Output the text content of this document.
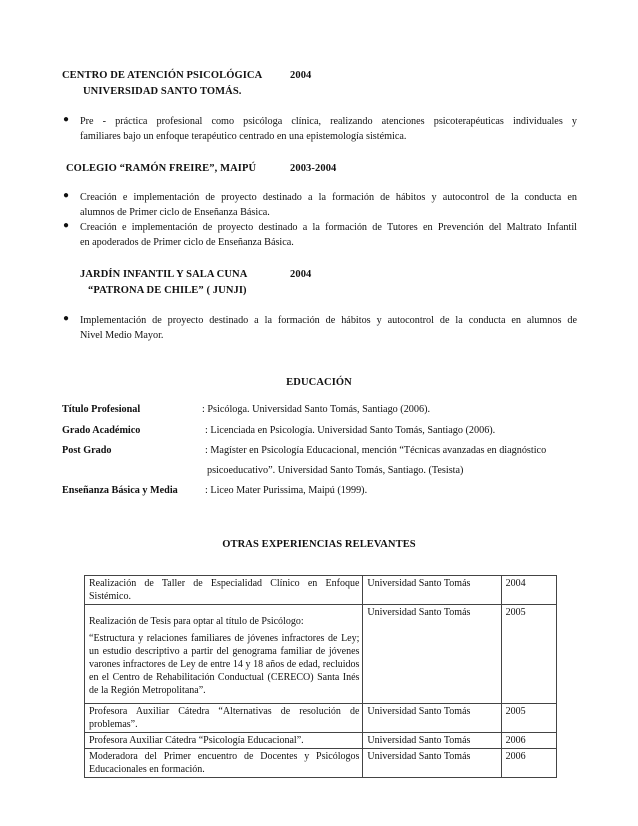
CENTRO DE ATENCIÓN PSICOLÓGICA	2004
UNIVERSIDAD SANTO TOMÁS.
● Pre - práctica profesional como psicóloga clínica, realizando atenciones psicoterapéuticas individuales y
familiares bajo un enfoque terapéutico centrado en una epistemología sistémica.
COLEGIO “RAMÓN FREIRE”, MAIPÚ	2003-2004
● Creación e implementación de proyecto destinado a la formación de hábitos y autocontrol de la conducta en
alumnos de Primer ciclo de Enseñanza Básica.
● Creación e implementación de proyecto destinado a la formación de Tutores en Prevención del Maltrato Infantil
en apoderados de Primer ciclo de Enseñanza Básica.
JARDÍN INFANTIL Y SALA CUNA	2004
“PATRONA DE CHILE” ( JUNJI)
● Implementación de proyecto destinado a la formación de hábitos y autocontrol de la conducta en alumnos de
Nivel Medio Mayor.
EDUCACIÓN
Título Profesional	: Psicóloga. Universidad Santo Tomás, Santiago (2006).
Grado Académico	: Licenciada en Psicología. Universidad Santo Tomás, Santiago (2006).
Post Grado	: Magíster en Psicología Educacional, mención “Técnicas avanzadas en diagnóstico
psicoeducativo”. Universidad Santo Tomás, Santiago. (Tesista)
Enseñanza Básica y Media	: Liceo Mater Purissima, Maipú (1999).
OTRAS EXPERIENCIAS RELEVANTES
Realización de Taller de Especialidad Clínico en Enfoque Sistémico.	Universidad Santo Tomás	2004

Realización de Tesis para optar al título de Psicólogo:
“Estructura y relaciones familiares de jóvenes infractores de Ley; un estudio descriptivo a partir del genograma familiar de jóvenes varones infractores de Ley de entre 14 y 18 años de edad, recluidos en el Centro de Rehabilitación Conductual (CERECO) Santa Inés de la Región Metropolitana”.	Universidad Santo Tomás	2005
Profesora Auxiliar Cátedra “Alternativas de resolución de problemas”.	Universidad Santo Tomás	2005
Profesora Auxiliar Cátedra “Psicología Educacional”.	Universidad Santo Tomás	2006
Moderadora del Primer encuentro de Docentes y Psicólogos Educacionales en formación.	Universidad Santo Tomás	2006
